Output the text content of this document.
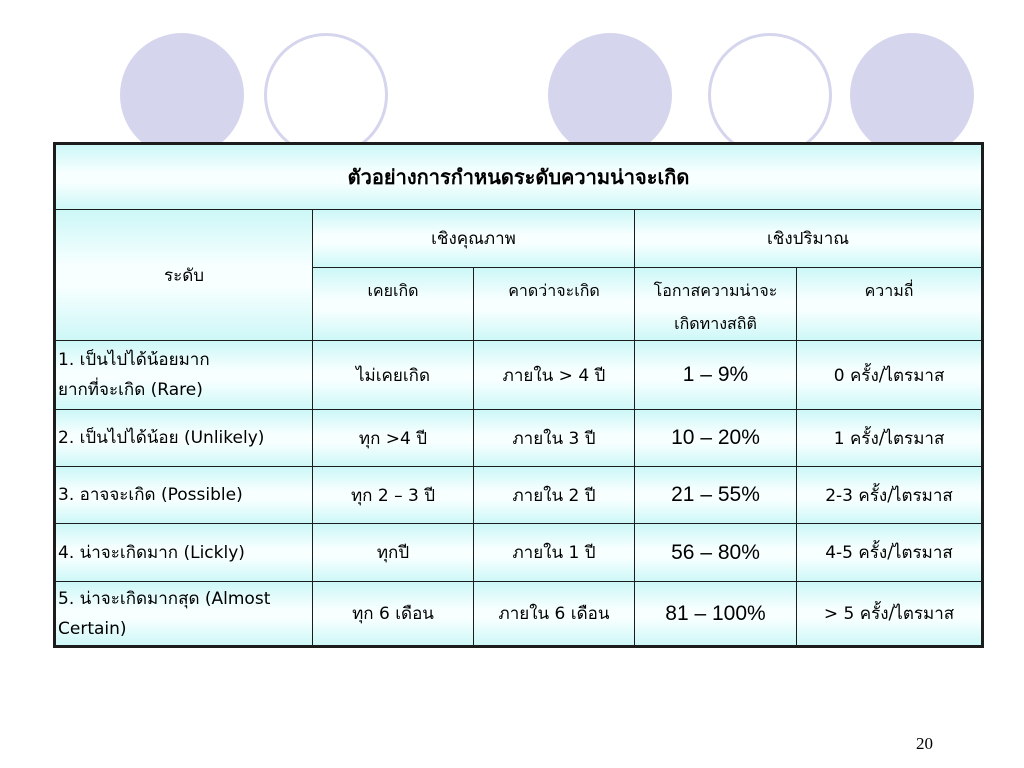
ตัวอย่างการกำหนดระดับความน่าจะเกิด				
ระดับ	เชิงคุณภาพ		เชิงปริมาณ	

	เคยเกิด	คาดว่าจะเกิด	โอกาสความน่าจะ
เกิดทางสถิติ	ความถี่

1. เป็นไปได้น้อยมาก
ยากที่จะเกิด (Rare)	ไม่เคยเกิด	ภายใน > 4 ปี	1 – 9%	0 ครั้ง/ไตรมาส

2. เป็นไปได้น้อย (Unlikely)	ทุก >4 ปี	ภายใน 3 ปี	10 – 20%	1 ครั้ง/ไตรมาส

3. อาจจะเกิด (Possible)	ทุก 2 – 3 ปี	ภายใน 2 ปี	21 – 55%	2-3 ครั้ง/ไตรมาส

4. น่าจะเกิดมาก (Lickly)	ทุกปี	ภายใน 1 ปี	56 – 80%	4-5 ครั้ง/ไตรมาส

5. น่าจะเกิดมากสุด (Almost
Certain)	ทุก 6 เดือน	ภายใน 6 เดือน	81 – 100%	> 5 ครั้ง/ไตรมาส
20
